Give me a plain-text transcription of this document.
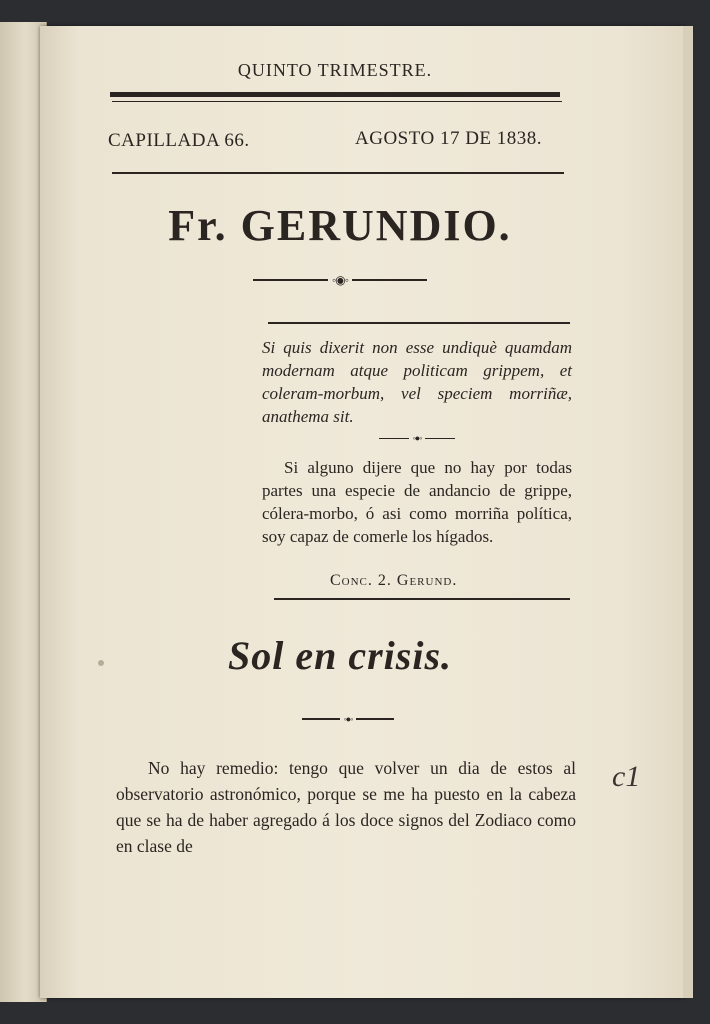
QUINTO TRIMESTRE.
CAPILLADA 66.	AGOSTO 17 DE 1838.
Fr. GERUNDIO.
◦◉◦
Si quis dixerit non esse undiquè quamdam modernam atque politicam grippem, et coleram-morbum, vel speciem morriñæ, anathema sit.
◦●◦
Si alguno dijere que no hay por todas partes una especie de andancio de grippe, cólera-morbo, ó asi como morriña política, soy capaz de comerle los hígados.
Conc. 2. Gerund.
Sol en crisis.
◦●◦
No hay remedio: tengo que volver un dia de estos al observatorio astronómico, porque se me ha puesto en la cabeza que se ha de haber agregado á los doce signos del Zodiaco como en clase de
c1
